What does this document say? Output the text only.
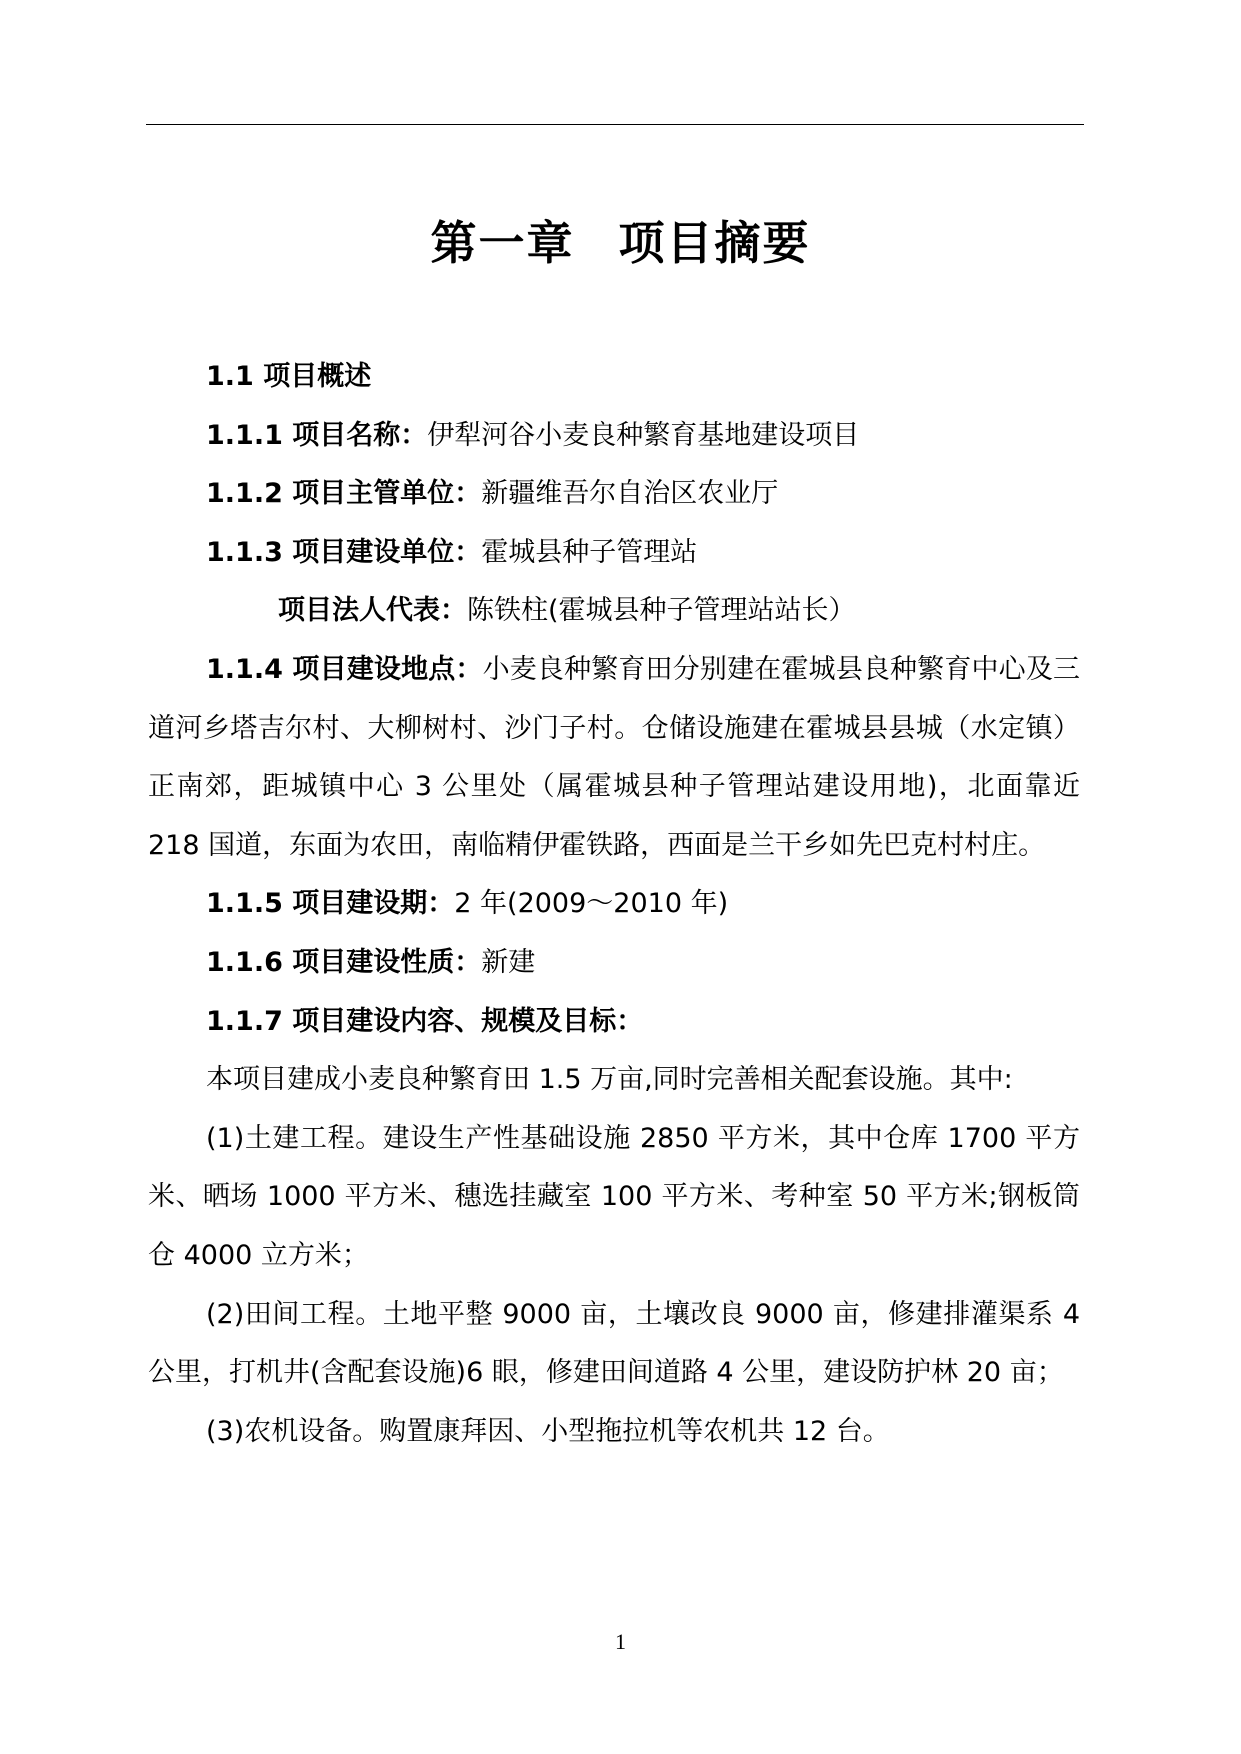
第一章 项目摘要

1.1 项目概述

1.1.1 项目名称：伊犁河谷小麦良种繁育基地建设项目

1.1.2 项目主管单位：新疆维吾尔自治区农业厅

1.1.3 项目建设单位：霍城县种子管理站

项目法人代表：陈铁柱(霍城县种子管理站站长）

1.1.4 项目建设地点：小麦良种繁育田分别建在霍城县良种繁育中心及三道河乡塔吉尔村、大柳树村、沙门子村。仓储设施建在霍城县县城（水定镇）正南郊，距城镇中心 3 公里处（属霍城县种子管理站建设用地)，北面靠近 218 国道，东面为农田，南临精伊霍铁路，西面是兰干乡如先巴克村村庄。

1.1.5 项目建设期：2 年(2009～2010 年)

1.1.6 项目建设性质：新建

1.1.7 项目建设内容、规模及目标：

本项目建成小麦良种繁育田 1.5 万亩,同时完善相关配套设施。其中:

(1)土建工程。建设生产性基础设施 2850 平方米，其中仓库 1700 平方米、晒场 1000 平方米、穗选挂藏室 100 平方米、考种室 50 平方米;钢板筒仓 4000 立方米；

(2)田间工程。土地平整 9000 亩，土壤改良 9000 亩，修建排灌渠系 4 公里，打机井(含配套设施)6 眼，修建田间道路 4 公里，建设防护林 20 亩；

(3)农机设备。购置康拜因、小型拖拉机等农机共 12 台。

1
